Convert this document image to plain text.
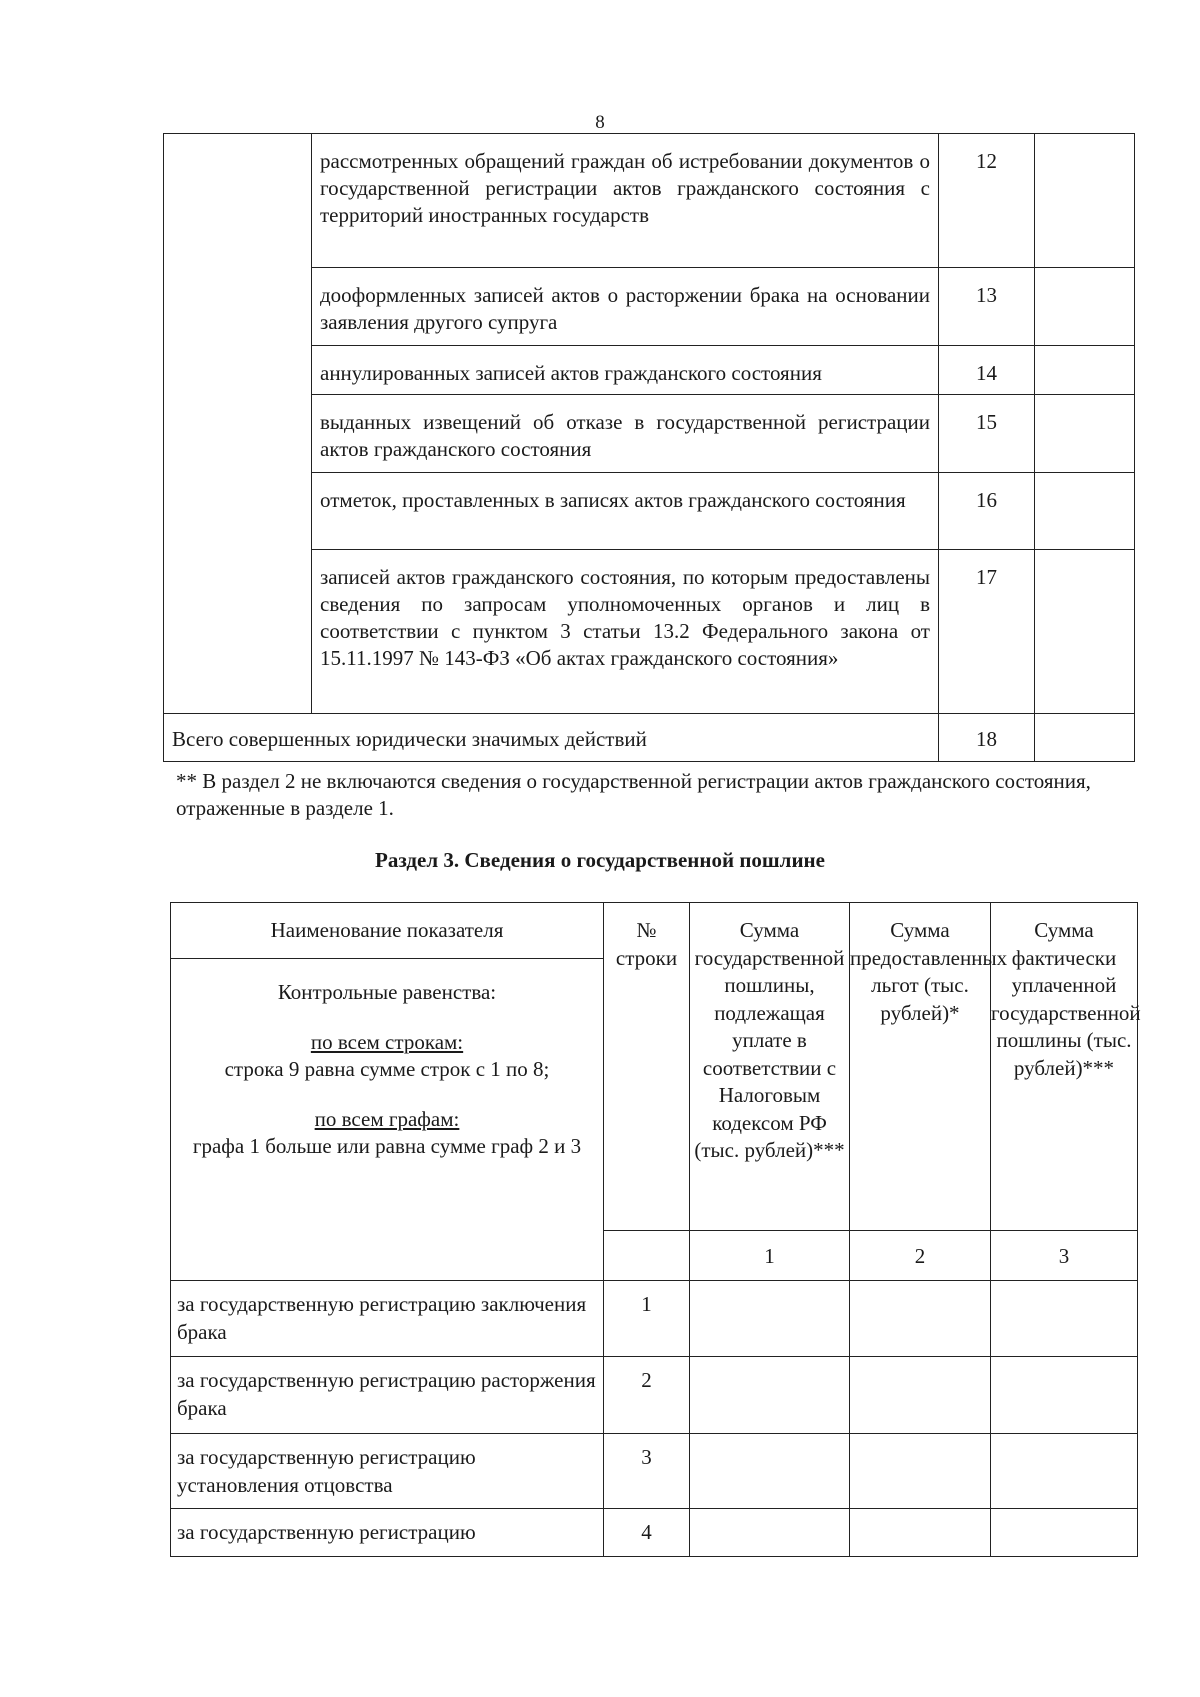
8
	рассмотренных обращений граждан об истребовании документов о государственной регистрации актов гражданского состояния с территорий иностранных государств	12	
	дооформленных записей актов о расторжении брака на основании заявления другого супруга	13	
	аннулированных записей актов гражданского состояния	14	
	выданных извещений об отказе в государственной регистрации актов гражданского состояния	15	
	отметок, проставленных в записях актов гражданского состояния	16	
	записей актов гражданского состояния, по которым предоставлены сведения по запросам уполномоченных органов и лиц в соответствии с пунктом 3 статьи 13.2 Федерального закона от 15.11.1997 № 143-ФЗ «Об актах гражданского состояния»	17	
Всего совершенных юридически значимых действий		18	
** В раздел 2 не включаются сведения о государственной регистрации актов гражданского состояния, отраженные в разделе 1.
Раздел 3. Сведения о государственной пошлине
Наименование показателя	№ строки	Сумма государственной пошлины, подлежащая уплате в соответствии с Налоговым кодексом РФ (тыс. рублей)***	Сумма предоставленных льгот (тыс. рублей)*	Сумма фактически уплаченной государственной пошлины (тыс. рублей)***

Контрольные равенства:
по всем строкам:
строка 9 равна сумме строк с 1 по 8;
по всем графам:
графа 1 больше или равна сумме граф 2 и 3				

		1	2	3
за государственную регистрацию заключения брака	1			
за государственную регистрацию расторжения брака	2			
за государственную регистрацию установления отцовства	3			
за государственную регистрацию	4			
